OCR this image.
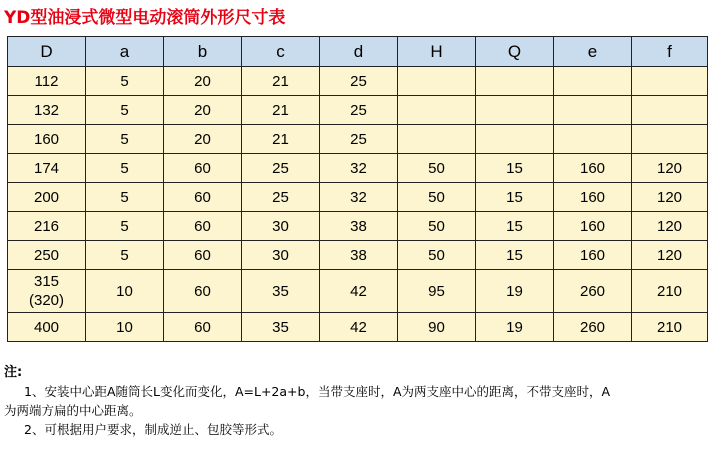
YD型油浸式微型电动滚筒外形尺寸表
D	a	b	c	d	H	Q	e	f
112	5	20	21	25				
132	5	20	21	25				
160	5	20	21	25				
174	5	60	25	32	50	15	160	120
200	5	60	25	32	50	15	160	120
216	5	60	30	38	50	15	160	120
250	5	60	30	38	50	15	160	120

315
(320)	10	60	35	42	95	19	260	210
400	10	60	35	42	90	19	260	210
注:
1、安装中心距A随筒长L变化而变化，A=L+2a+b，当带支座时，A为两支座中心的距离，不带支座时，A
为两端方扁的中心距离。
2、可根据用户要求，制成逆止、包胶等形式。
